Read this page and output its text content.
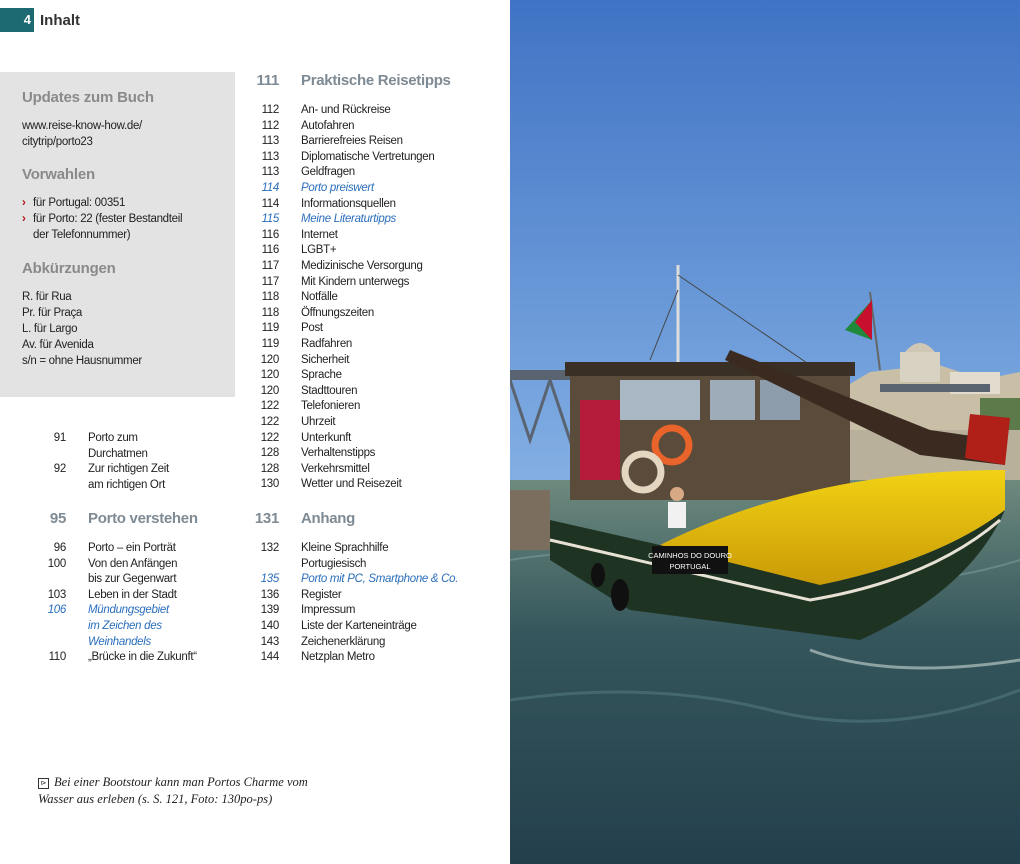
4 Inhalt
Updates zum Buch
www.reise-know-how.de/
citytrip/porto23
Vorwahlen
› für Portugal: 00351
› für Porto: 22 (fester Bestandteil
der Telefonnummer)
Abkürzungen
R. für Rua
Pr. für Praça
L. für Largo
Av. für Avenida
s/n = ohne Hausnummer
91 Porto zum
Durchatmen
92 Zur richtigen Zeit
am richtigen Ort
95 Porto verstehen
96 Porto – ein Porträt
100 Von den Anfängen
bis zur Gegenwart
103 Leben in der Stadt
106 Mündungsgebiet
im Zeichen des
Weinhandels
110 „Brücke in die Zukunft“
111 Praktische Reisetipps
112 An- und Rückreise
112 Autofahren
113 Barrierefreies Reisen
113 Diplomatische Vertretungen
113 Geldfragen
114 Porto preiswert
114 Informationsquellen
115 Meine Literaturtipps
116 Internet
116 LGBT+
117 Medizinische Versorgung
117 Mit Kindern unterwegs
118 Notfälle
118 Öffnungszeiten
119 Post
119 Radfahren
120 Sicherheit
120 Sprache
120 Stadttouren
122 Telefonieren
122 Uhrzeit
122 Unterkunft
128 Verhaltenstipps
128 Verkehrsmittel
130 Wetter und Reisezeit
131 Anhang
132 Kleine Sprachhilfe
Portugiesisch
135 Porto mit PC, Smartphone & Co.
136 Register
139 Impressum
140 Liste der Karteneinträge
143 Zeichenerklärung
144 Netzplan Metro
⊳ Bei einer Bootstour kann man Portos Charme vom Wasser aus erleben (s. S. 121, Foto: 130po-ps)
CAMINHOS DO DOURO
PORTUGAL
